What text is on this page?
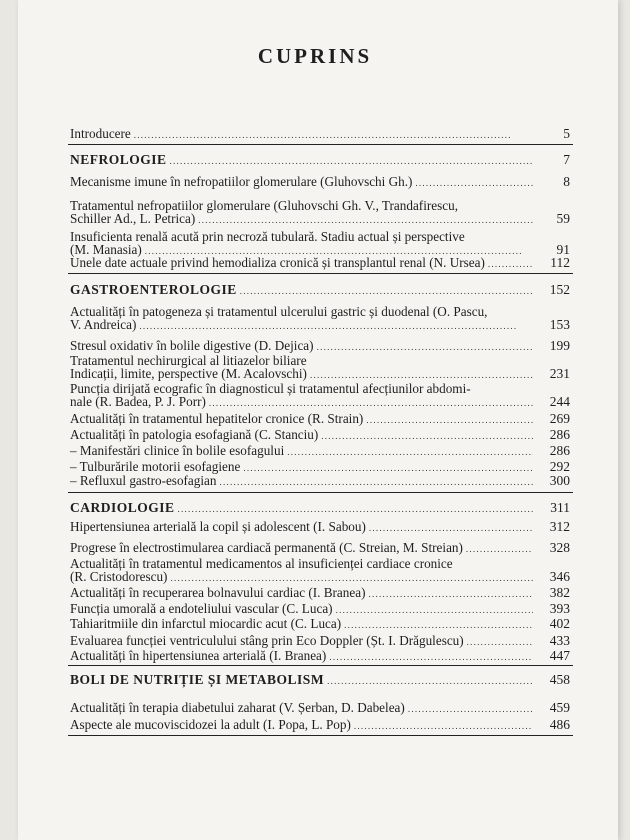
CUPRINS
Introducere . . .	5
NEFROLOGIE . . .	7
Mecanisme imune în nefropatiilor glomerulare (Gluhovschi Gh.) . . .	8
Tratamentul nefropatiilor glomerulare (Gluhovschi Gh. V., Trandafirescu,
Schiller Ad., L. Petrica) . . .	59
Insuficienta renală acută prin necroză tubulară. Stadiu actual și perspective
(M. Manasia) . . .	91
Unele date actuale privind hemodializa cronică și transplantul renal (N. Ursea) . . .	112
GASTROENTEROLOGIE . . .	152
Actualități în patogeneza și tratamentul ulcerului gastric și duodenal (O. Pascu,
V. Andreica) . . .	153
Stresul oxidativ în bolile digestive (D. Dejica) . . .	199
Tratamentul nechirurgical al litiazelor biliare
Indicații, limite, perspective (M. Acalovschi) . . .	231
Puncția dirijată ecografic în diagnosticul și tratamentul afecțiunilor abdomi-
nale (R. Badea, P. J. Porr) . . .	244
Actualități în tratamentul hepatitelor cronice (R. Strain) . . .	269
Actualități în patologia esofagiană (C. Stanciu) . . .	286
– Manifestări clinice în bolile esofagului . . .	286
– Tulburările motorii esofagiene . . .	292
– Refluxul gastro-esofagian . . .	300
CARDIOLOGIE . . .	311
Hipertensiunea arterială la copil și adolescent (I. Sabou) . . .	312
Progrese în electrostimularea cardiacă permanentă (C. Streian, M. Streian) . . .	328
Actualități în tratamentul medicamentos al insuficienței cardiace cronice
(R. Cristodorescu) . . .	346
Actualități în recuperarea bolnavului cardiac (I. Branea) . . .	382
Funcția umorală a endoteliului vascular (C. Luca) . . .	393
Tahiaritmiile din infarctul miocardic acut (C. Luca) . . .	402
Evaluarea funcției ventriculului stâng prin Eco Doppler (Șt. I. Drăgulescu) . . .	433
Actualități în hipertensiunea arterială (I. Branea) . . .	447
BOLI DE NUTRIȚIE ȘI METABOLISM . . .	458
Actualități în terapia diabetului zaharat (V. Șerban, D. Dabelea) . . .	459
Aspecte ale mucoviscidozei la adult (I. Popa, L. Pop) . . .	486
